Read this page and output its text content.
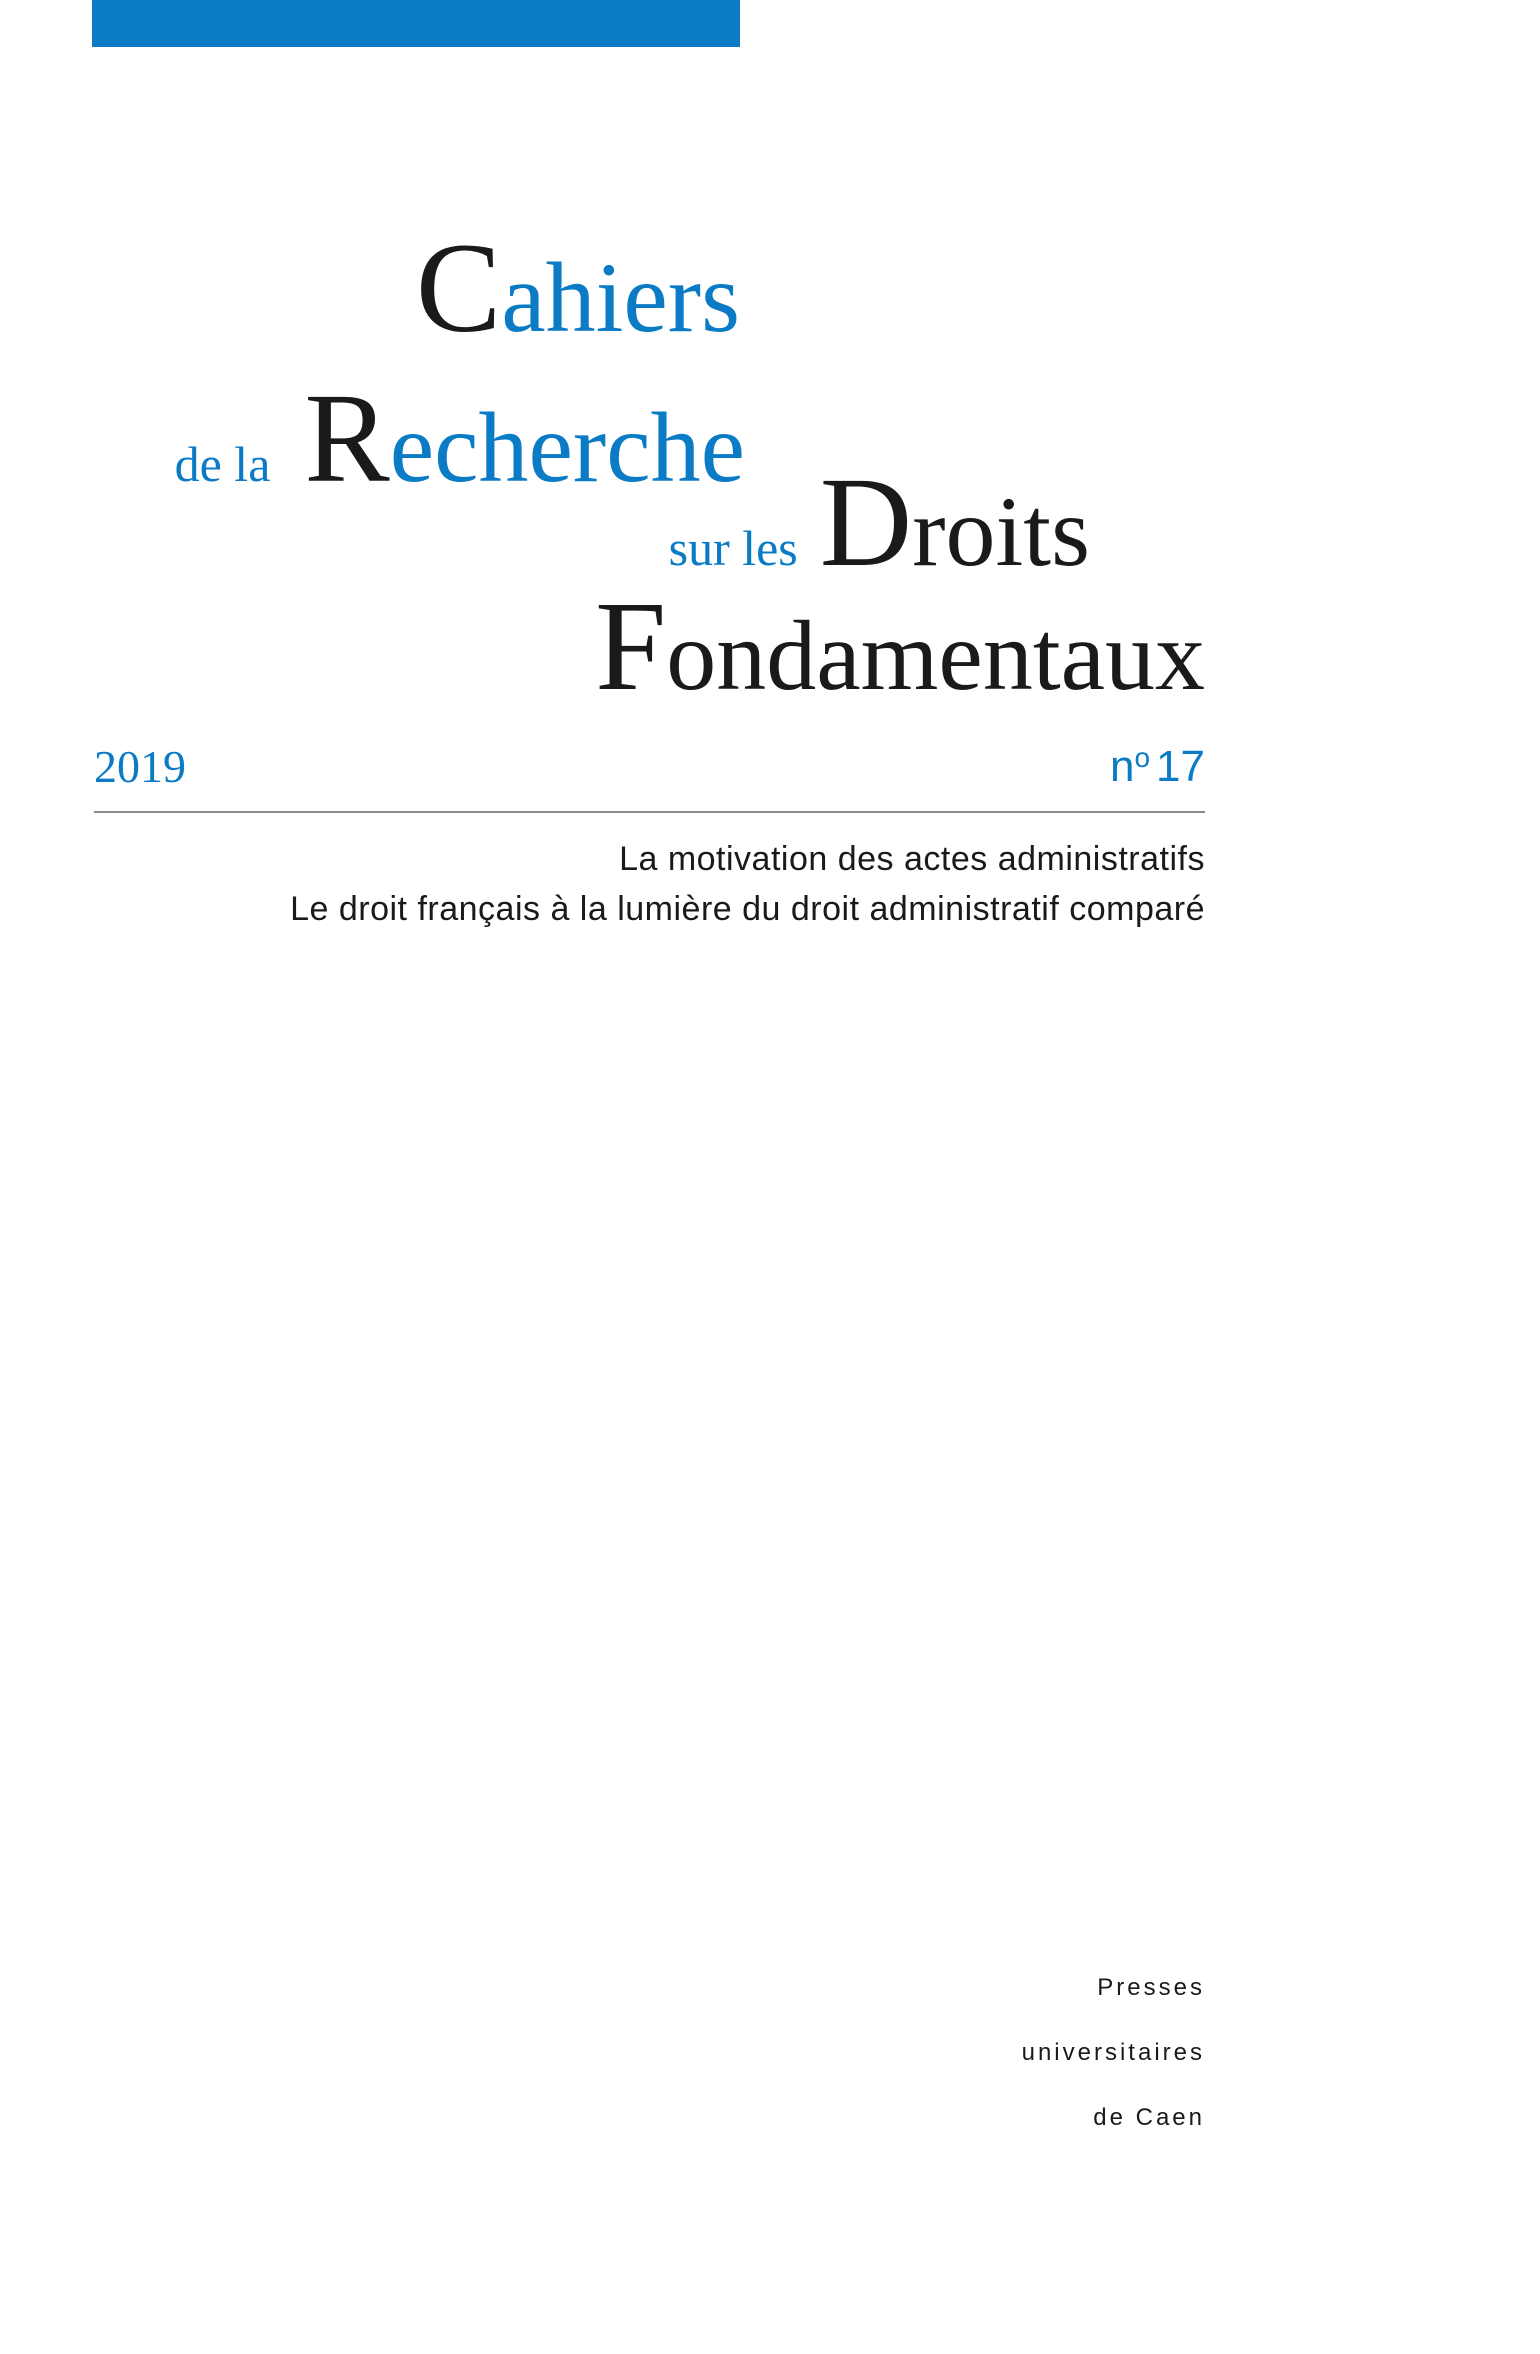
Cahiers
de la Recherche
sur les Droits
Fondamentaux
2019	$n^o$ 17
La motivation des actes administratifs
Le droit français à la lumière du droit administratif comparé
Presses
universitaires
de Caen
